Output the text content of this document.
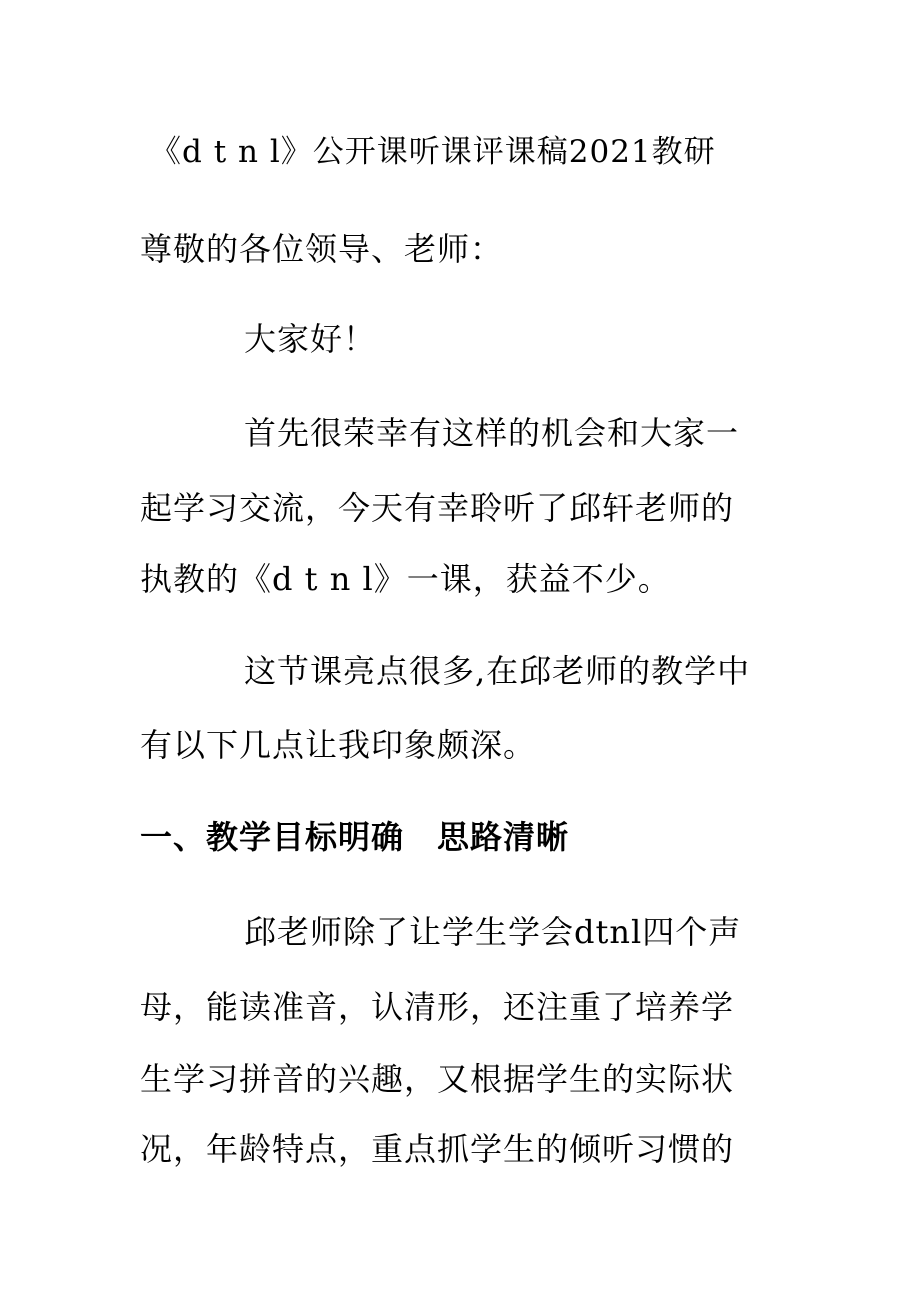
《d t n l》公开课听课评课稿2021教研
尊敬的各位领导、老师：
大家好！
首先很荣幸有这样的机会和大家一
起学习交流，今天有幸聆听了邱轩老师的
执教的《d t n l》一课，获益不少。
这节课亮点很多,在邱老师的教学中
有以下几点让我印象颇深。
一、教学目标明确　思路清晰
邱老师除了让学生学会dtnl四个声
母，能读准音，认清形，还注重了培养学
生学习拼音的兴趣，又根据学生的实际状
况，年龄特点，重点抓学生的倾听习惯的
